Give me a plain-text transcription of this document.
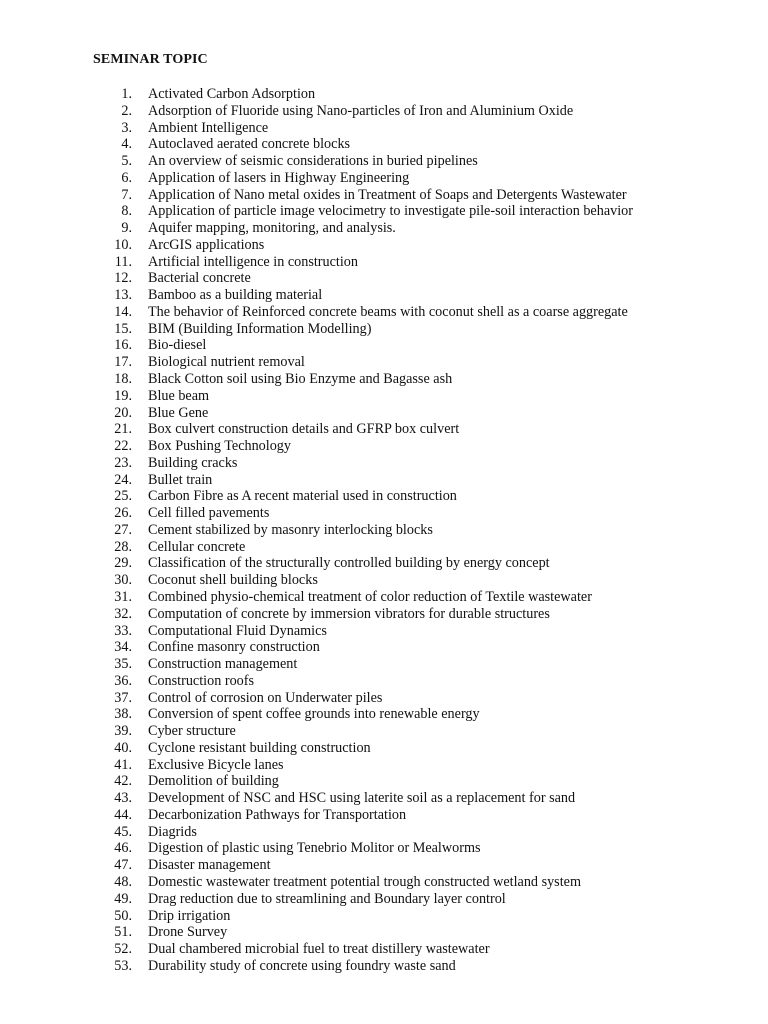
SEMINAR TOPIC
1. Activated Carbon Adsorption
2. Adsorption of Fluoride using Nano-particles of Iron and Aluminium Oxide
3. Ambient Intelligence
4. Autoclaved aerated concrete blocks
5. An overview of seismic considerations in buried pipelines
6. Application of lasers in Highway Engineering
7. Application of Nano metal oxides in Treatment of Soaps and Detergents Wastewater
8. Application of particle image velocimetry to investigate pile-soil interaction behavior
9. Aquifer mapping, monitoring, and analysis.
10. ArcGIS applications
11. Artificial intelligence in construction
12. Bacterial concrete
13. Bamboo as a building material
14. The behavior of Reinforced concrete beams with coconut shell as a coarse aggregate
15. BIM (Building Information Modelling)
16. Bio-diesel
17. Biological nutrient removal
18. Black Cotton soil using Bio Enzyme and Bagasse ash
19. Blue beam
20. Blue Gene
21. Box culvert construction details and GFRP box culvert
22. Box Pushing Technology
23. Building cracks
24. Bullet train
25. Carbon Fibre as A recent material used in construction
26. Cell filled pavements
27. Cement stabilized by masonry interlocking blocks
28. Cellular concrete
29. Classification of the structurally controlled building by energy concept
30. Coconut shell building blocks
31. Combined physio-chemical treatment of color reduction of Textile wastewater
32. Computation of concrete by immersion vibrators for durable structures
33. Computational Fluid Dynamics
34. Confine masonry construction
35. Construction management
36. Construction roofs
37. Control of corrosion on Underwater piles
38. Conversion of spent coffee grounds into renewable energy
39. Cyber structure
40. Cyclone resistant building construction
41. Exclusive Bicycle lanes
42. Demolition of building
43. Development of NSC and HSC using laterite soil as a replacement for sand
44. Decarbonization Pathways for Transportation
45. Diagrids
46. Digestion of plastic using Tenebrio Molitor or Mealworms
47. Disaster management
48. Domestic wastewater treatment potential trough constructed wetland system
49. Drag reduction due to streamlining and Boundary layer control
50. Drip irrigation
51. Drone Survey
52. Dual chambered microbial fuel to treat distillery wastewater
53. Durability study of concrete using foundry waste sand
